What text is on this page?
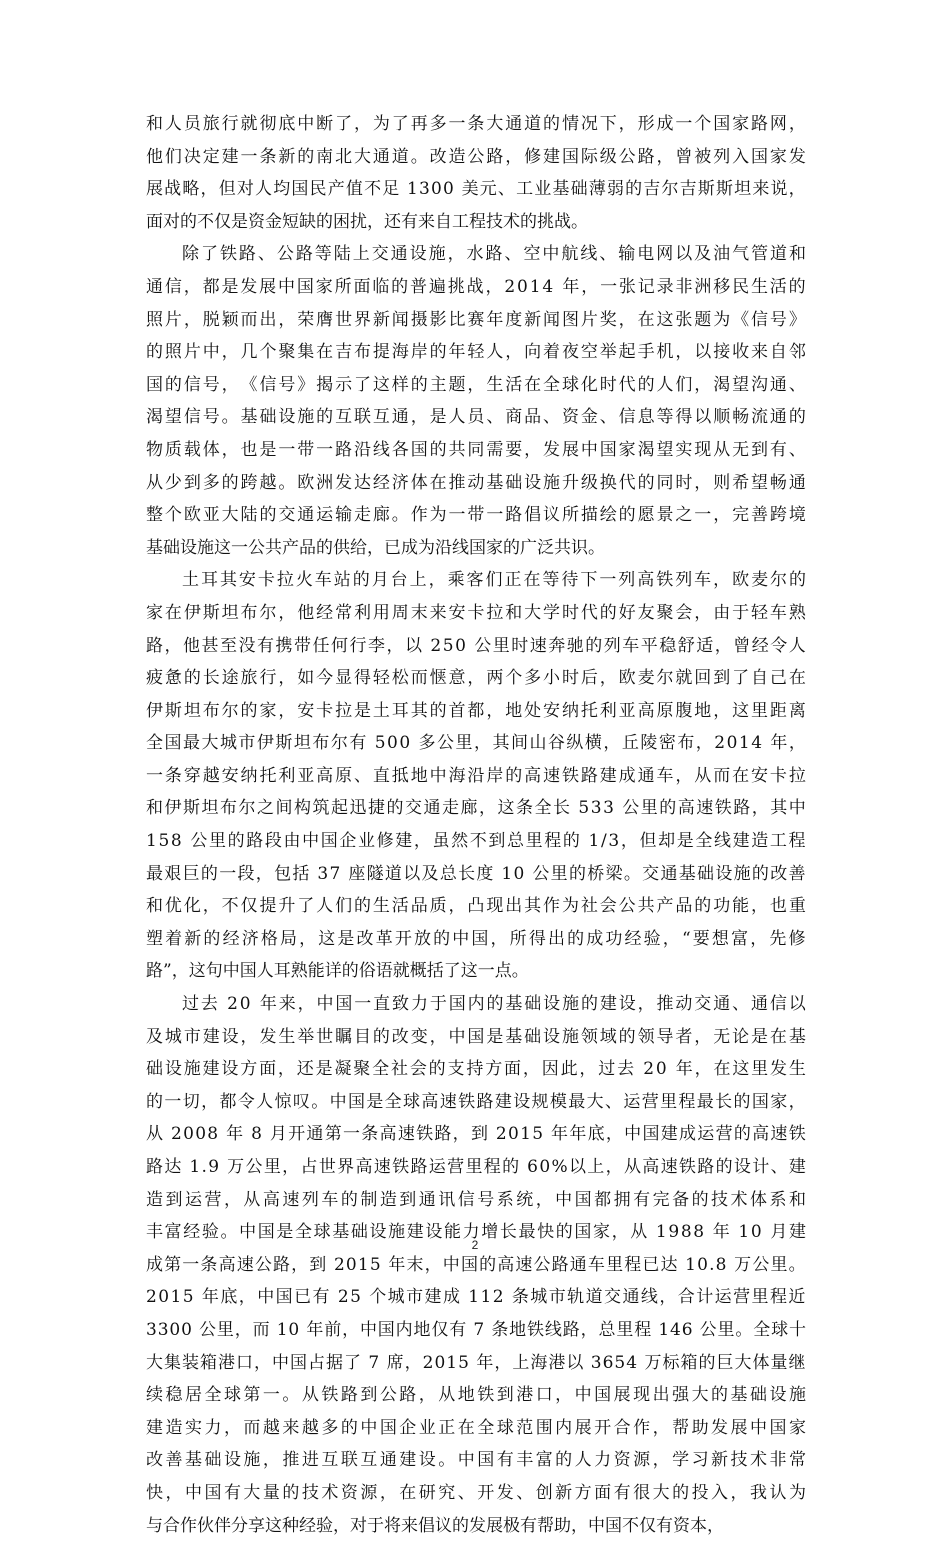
和 人 员 旅 行 就 彻 底 中 断 了 ， 为 了 再 多 一 条 大 通 道 的 情 况 下 ， 形 成 一 个 国 家 路 网 ，
他 们 决 定 建 一 条 新 的 南 北 大 通 道 。 改 造 公 路 ， 修 建 国 际 级 公 路 ， 曾 被 列 入 国 家 发
展 战 略 ， 但 对 人 均 国 民 产 值 不 足
1 3 0 0
美 元 、 工 业 基 础 薄 弱 的 吉 尔 吉 斯 斯 坦 来 说 ，
面对的不仅是资金短缺的困扰，还有来自工程技术的挑战。
除 了 铁 路 、 公 路 等 陆 上 交 通 设 施 ， 水 路 、 空 中 航 线 、 输 电 网 以 及 油 气 管 道 和
通 信 ， 都 是 发 展 中 国 家 所 面 临 的 普 遍 挑 战 ， 2 0 1 4
年 ， 一 张 记 录 非 洲 移 民 生 活 的
照 片 ， 脱 颖 而 出 ， 荣 膺 世 界 新 闻 摄 影 比 赛 年 度 新 闻 图 片 奖 ， 在 这 张 题 为 《 信 号 》
的 照 片 中 ， 几 个 聚 集 在 吉 布 提 海 岸 的 年 轻 人 ， 向 着 夜 空 举 起 手 机 ， 以 接 收 来 自 邻
国 的 信 号 ， 《 信 号 》 揭 示 了 这 样 的 主 题 ， 生 活 在 全 球 化 时 代 的 人 们 ， 渴 望 沟 通 、
渴 望 信 号 。 基 础 设 施 的 互 联 互 通 ， 是 人 员 、 商 品 、 资 金 、 信 息 等 得 以 顺 畅 流 通 的
物 质 载 体 ， 也 是 一 带 一 路 沿 线 各 国 的 共 同 需 要 ， 发 展 中 国 家 渴 望 实 现 从 无 到 有 、
从 少 到 多 的 跨 越 。 欧 洲 发 达 经 济 体 在 推 动 基 础 设 施 升 级 换 代 的 同 时 ， 则 希 望 畅 通
整 个 欧 亚 大 陆 的 交 通 运 输 走 廊 。 作 为 一 带 一 路 倡 议 所 描 绘 的 愿 景 之 一 ， 完 善 跨 境
基础设施这一公共产品的供给，已成为沿线国家的广泛共识。
土 耳 其 安 卡 拉 火 车 站 的 月 台 上 ， 乘 客 们 正 在 等 待 下 一 列 高 铁 列 车 ， 欧 麦 尔 的
家 在 伊 斯 坦 布 尔 ， 他 经 常 利 用 周 末 来 安 卡 拉 和 大 学 时 代 的 好 友 聚 会 ， 由 于 轻 车 熟
路 ， 他 甚 至 没 有 携 带 任 何 行 李 ， 以
2 5 0
公 里 时 速 奔 驰 的 列 车 平 稳 舒 适 ， 曾 经 令 人
疲 惫 的 长 途 旅 行 ， 如 今 显 得 轻 松 而 惬 意 ， 两 个 多 小 时 后 ， 欧 麦 尔 就 回 到 了 自 己 在
伊 斯 坦 布 尔 的 家 ， 安 卡 拉 是 土 耳 其 的 首 都 ， 地 处 安 纳 托 利 亚 高 原 腹 地 ， 这 里 距 离
全 国 最 大 城 市 伊 斯 坦 布 尔 有
5 0 0
多 公 里 ， 其 间 山 谷 纵 横 ， 丘 陵 密 布 ， 2 0 1 4
年 ，
一 条 穿 越 安 纳 托 利 亚 高 原 、 直 抵 地 中 海 沿 岸 的 高 速 铁 路 建 成 通 车 ， 从 而 在 安 卡 拉
和 伊 斯 坦 布 尔 之 间 构 筑 起 迅 捷 的 交 通 走 廊 ， 这 条 全 长
5 3 3
公 里 的 高 速 铁 路 ， 其 中
1 5 8
公 里 的 路 段 由 中 国 企 业 修 建 ， 虽 然 不 到 总 里 程 的
1 / 3 ， 但 却 是 全 线 建 造 工 程
最 艰 巨 的 一 段 ， 包 括
3 7
座 隧 道 以 及 总 长 度
1 0
公 里 的 桥 梁 。 交 通 基 础 设 施 的 改 善
和 优 化 ， 不 仅 提 升 了 人 们 的 生 活 品 质 ， 凸 现 出 其 作 为 社 会 公 共 产 品 的 功 能 ， 也 重
塑 着 新 的 经 济 格 局 ， 这 是 改 革 开 放 的 中 国 ， 所 得 出 的 成 功 经 验 ， “ 要 想 富 ， 先 修
路”，这句中国人耳熟能详的俗语就概括了这一点。
过 去
2 0
年 来 ， 中 国 一 直 致 力 于 国 内 的 基 础 设 施 的 建 设 ， 推 动 交 通 、 通 信 以
及 城 市 建 设 ， 发 生 举 世 瞩 目 的 改 变 ， 中 国 是 基 础 设 施 领 域 的 领 导 者 ， 无 论 是 在 基
础 设 施 建 设 方 面 ， 还 是 凝 聚 全 社 会 的 支 持 方 面 ， 因 此 ， 过 去
2 0
年 ， 在 这 里 发 生
的 一 切 ， 都 令 人 惊 叹 。 中 国 是 全 球 高 速 铁 路 建 设 规 模 最 大 、 运 营 里 程 最 长 的 国 家 ，
从
2 0 0 8
年
8
月 开 通 第 一 条 高 速 铁 路 ， 到
2 0 1 5
年 年 底 ， 中 国 建 成 运 营 的 高 速 铁
路 达
1 . 9
万 公 里 ， 占 世 界 高 速 铁 路 运 营 里 程 的
6 0 % 以 上 ， 从 高 速 铁 路 的 设 计 、 建
造 到 运 营 ， 从 高 速 列 车 的 制 造 到 通 讯 信 号 系 统 ， 中 国 都 拥 有 完 备 的 技 术 体 系 和
丰 富 经 验 。 中 国 是 全 球 基 础 设 施 建 设 能 力 增 长 最 快 的 国 家 ， 从
1 9 8 8
年
1 0
月 建
成 第 一 条 高 速 公 路 ， 到
2 0 1 5
年 末 ， 中 国 的 高 速 公 路 通 车 里 程 已 达
1 0 . 8
万 公 里 。
2 0 1 5
年 底 ， 中 国 已 有
2 5
个 城 市 建 成
1 1 2
条 城 市 轨 道 交 通 线 ， 合 计 运 营 里 程 近
3 3 0 0
公 里 ， 而
1 0
年 前 ， 中 国 内 地 仅 有
7
条 地 铁 线 路 ， 总 里 程
1 4 6
公 里 。 全 球 十
大 集 装 箱 港 口 ， 中 国 占 据 了
7
席 ， 2 0 1 5
年 ， 上 海 港 以
3 6 5 4
万 标 箱 的 巨 大 体 量 继
续 稳 居 全 球 第 一 。 从 铁 路 到 公 路 ， 从 地 铁 到 港 口 ， 中 国 展 现 出 强 大 的 基 础 设 施
建 造 实 力 ， 而 越 来 越 多 的 中 国 企 业 正 在 全 球 范 围 内 展 开 合 作 ， 帮 助 发 展 中 国 家
改 善 基 础 设 施 ， 推 进 互 联 互 通 建 设 。 中 国 有 丰 富 的 人 力 资 源 ， 学 习 新 技 术 非 常
快 ， 中 国 有 大 量 的 技 术 资 源 ， 在 研 究 、 开 发 、 创 新 方 面 有 很 大 的 投 入 ， 我 认 为
与合作伙伴分享这种经验，对于将来倡议的发展极有帮助，中国不仅有资本，
2
